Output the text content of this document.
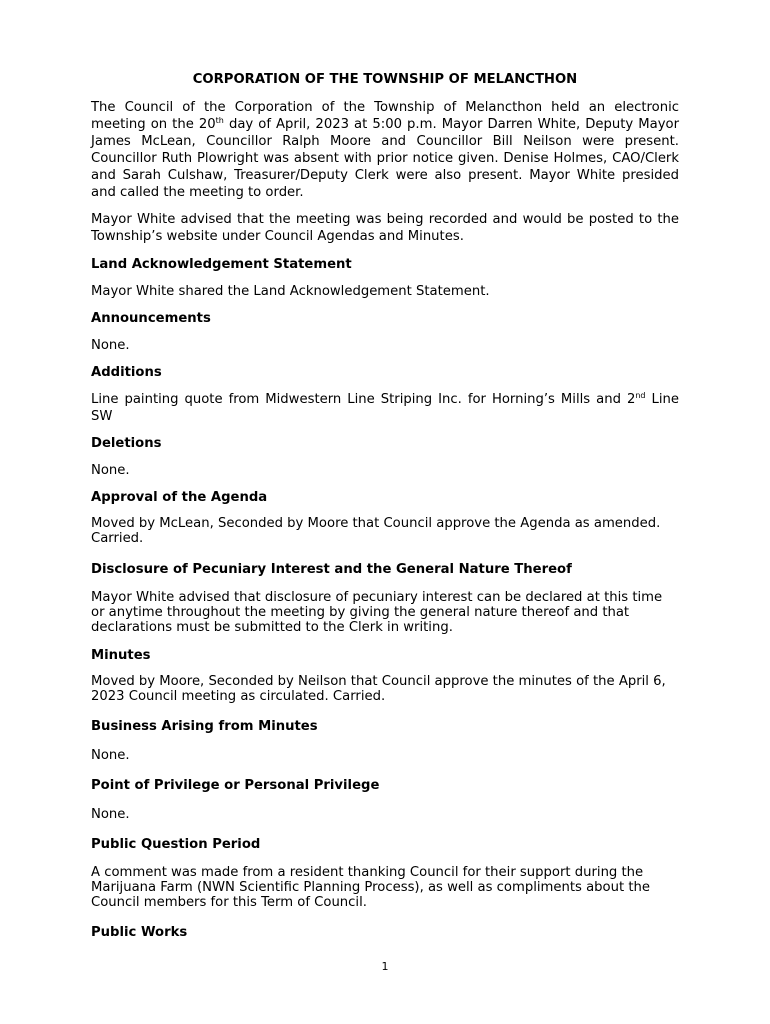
CORPORATION OF THE TOWNSHIP OF MELANCTHON
The Council of the Corporation of the Township of Melancthon held an electronic meeting on the 20th day of April, 2023 at 5:00 p.m. Mayor Darren White, Deputy Mayor James McLean, Councillor Ralph Moore and Councillor Bill Neilson were present. Councillor Ruth Plowright was absent with prior notice given. Denise Holmes, CAO/Clerk and Sarah Culshaw, Treasurer/Deputy Clerk were also present. Mayor White presided and called the meeting to order.
Mayor White advised that the meeting was being recorded and would be posted to the Township’s website under Council Agendas and Minutes.
Land Acknowledgement Statement
Mayor White shared the Land Acknowledgement Statement.
Announcements
None.
Additions
Line painting quote from Midwestern Line Striping Inc. for Horning’s Mills and 2nd Line SW
Deletions
None.
Approval of the Agenda
Moved by McLean, Seconded by Moore that Council approve the Agenda as amended. Carried.
Disclosure of Pecuniary Interest and the General Nature Thereof
Mayor White advised that disclosure of pecuniary interest can be declared at this time or anytime throughout the meeting by giving the general nature thereof and that declarations must be submitted to the Clerk in writing.
Minutes
Moved by Moore, Seconded by Neilson that Council approve the minutes of the April 6, 2023 Council meeting as circulated. Carried.
Business Arising from Minutes
None.
Point of Privilege or Personal Privilege
None.
Public Question Period
A comment was made from a resident thanking Council for their support during the Marijuana Farm (NWN Scientific Planning Process), as well as compliments about the Council members for this Term of Council.
Public Works
1
